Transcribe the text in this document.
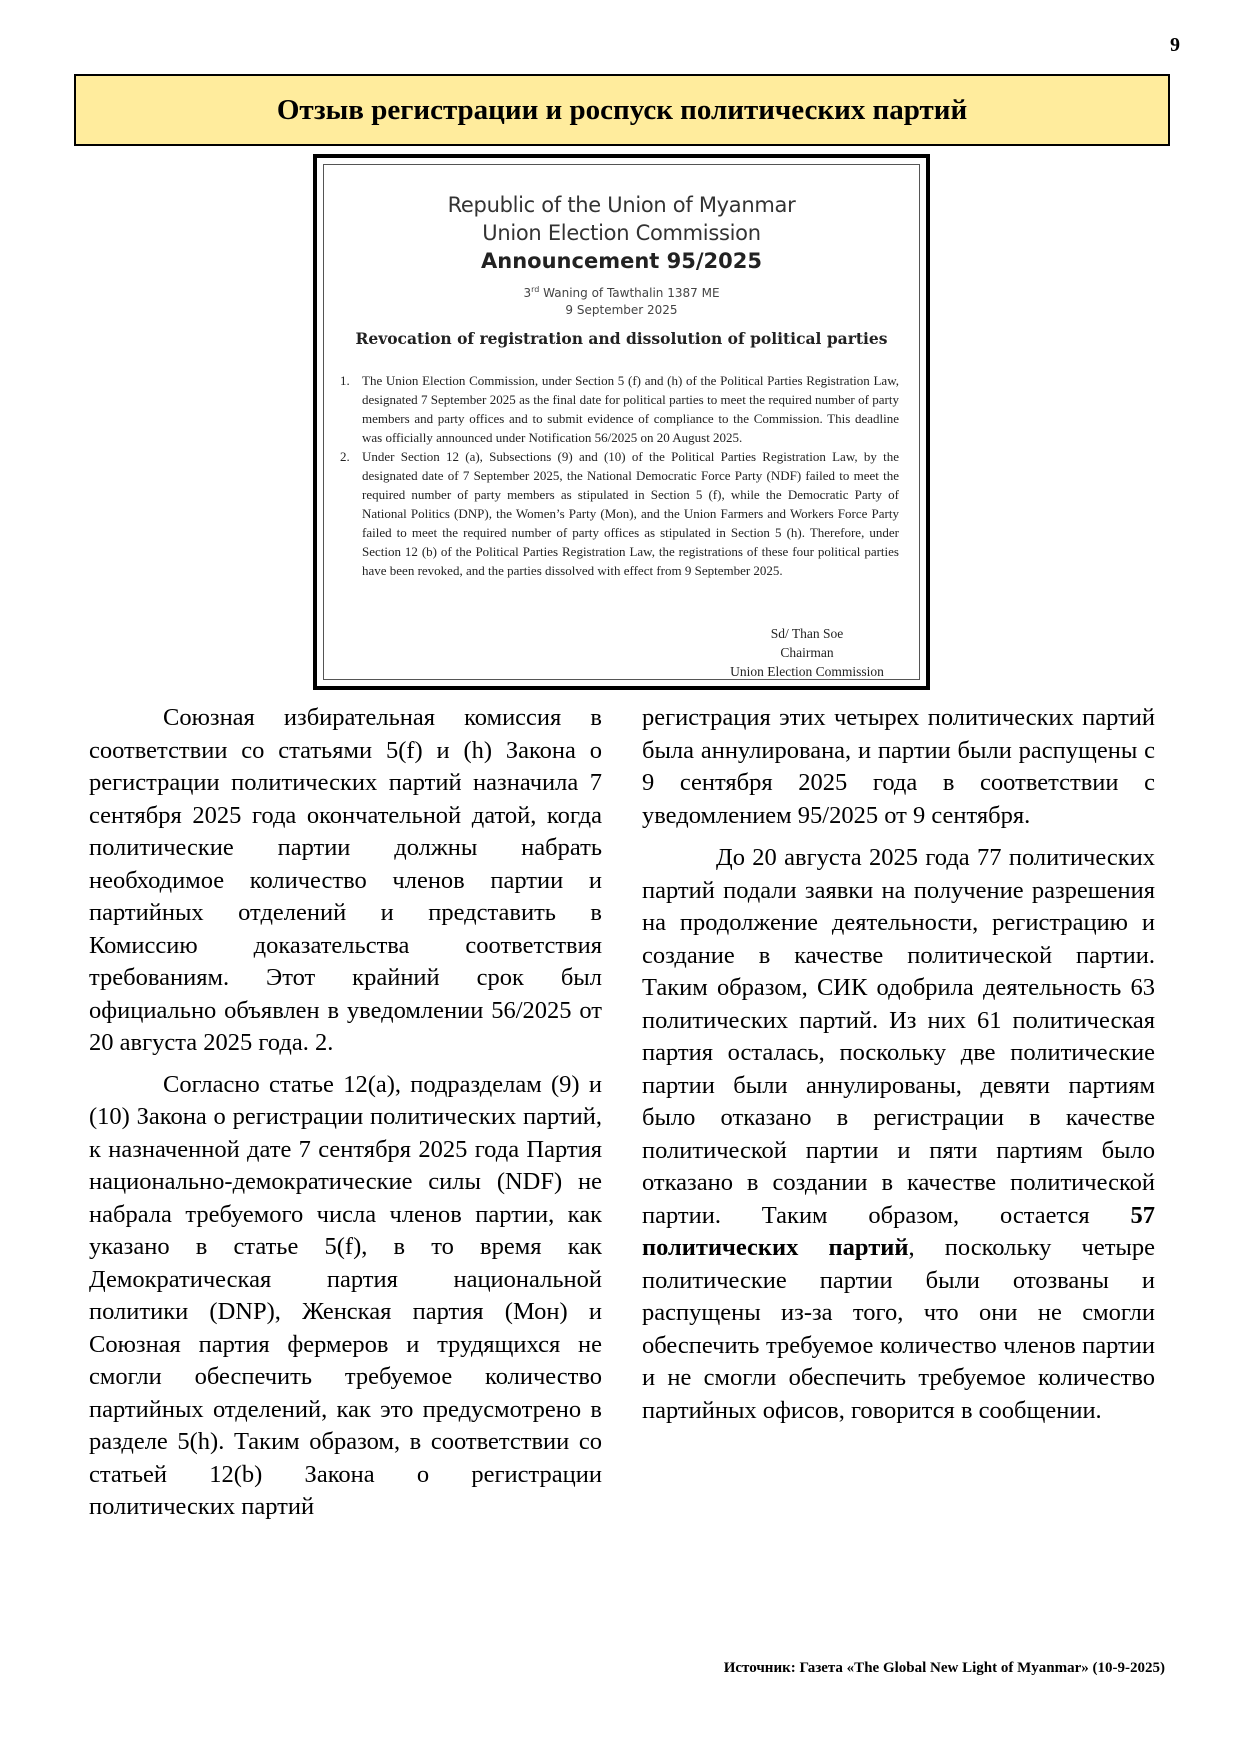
9
Отзыв регистрации и роспуск политических партий
Republic of the Union of Myanmar
Union Election Commission
Announcement 95/2025
3rd Waning of Tawthalin 1387 ME
9 September 2025
Revocation of registration and dissolution of political parties
1. The Union Election Commission, under Section 5 (f) and (h) of the Political Parties Registration Law, designated 7 September 2025 as the final date for political parties to meet the required number of party members and party offices and to submit evidence of compliance to the Commission. This deadline was officially announced under Notification 56/2025 on 20 August 2025.
2. Under Section 12 (a), Subsections (9) and (10) of the Political Parties Registration Law, by the designated date of 7 September 2025, the National Democratic Force Party (NDF) failed to meet the required number of party members as stipulated in Section 5 (f), while the Democratic Party of National Politics (DNP), the Women’s Party (Mon), and the Union Farmers and Workers Force Party failed to meet the required number of party offices as stipulated in Section 5 (h). Therefore, under Section 12 (b) of the Political Parties Registration Law, the registrations of these four political parties have been revoked, and the parties dissolved with effect from 9 September 2025.
Sd/ Than Soe
Chairman
Union Election Commission

Союзная избирательная комиссия в соответствии со статьями 5(f) и (h) Закона о регистрации политических партий назначила 7 сентября 2025 года окончательной датой, когда политические партии должны набрать необходимое количество членов партии и партийных отделений и представить в Комиссию доказательства соответствия требованиям. Этот крайний срок был официально объявлен в уведомлении 56/2025 от 20 августа 2025 года. 2.

Согласно статье 12(а), подразделам (9) и (10) Закона о регистрации политических партий, к назначенной дате 7 сентября 2025 года Партия национально-демократические силы (NDF) не набрала требуемого числа членов партии, как указано в статье 5(f), в то время как Демократическая партия национальной политики (DNP), Женская партия (Мон) и Союзная партия фермеров и трудящихся не смогли обеспечить требуемое количество партийных отделений, как это предусмотрено в разделе 5(h). Таким образом, в соответствии со статьей 12(b) Закона о регистрации политических партий

регистрация этих четырех политических партий была аннулирована, и партии были распущены с 9 сентября 2025 года в соответствии с уведомлением 95/2025 от 9 сентября.

До 20 августа 2025 года 77 политических партий подали заявки на получение разрешения на продолжение деятельности, регистрацию и создание в качестве политической партии. Таким образом, СИК одобрила деятельность 63 политических партий. Из них 61 политическая партия осталась, поскольку две политические партии были аннулированы, девяти партиям было отказано в регистрации в качестве политической партии и пяти партиям было отказано в создании в качестве политической партии. Таким образом, остается 57 политических партий, поскольку четыре политические партии были отозваны и распущены из-за того, что они не смогли обеспечить требуемое количество членов партии и не смогли обеспечить требуемое количество партийных офисов, говорится в сообщении.

Источник: Газета «The Global New Light of Myanmar» (10-9-2025)
